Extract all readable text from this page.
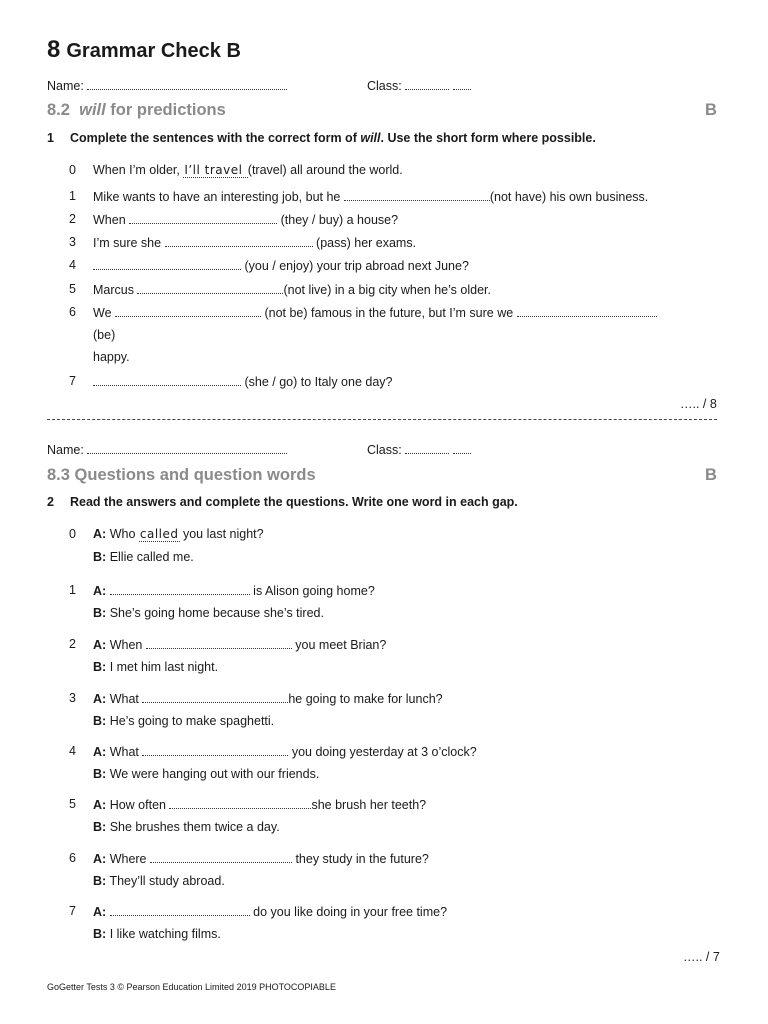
8 Grammar Check B
Name:	Class:
8.2 will for predictions	B
1 Complete the sentences with the correct form of will. Use the short form where possible.
0 When I’m older, I’ll travel (travel) all around the world.
1 Mike wants to have an interesting job, but he	(not have) his own business.
2 When	(they / buy) a house?
3 I’m sure she	(pass) her exams.
4	(you / enjoy) your trip abroad next June?
5 Marcus	(not live) in a big city when he’s older.
6 We	(not be) famous in the future, but I’m sure we
(be)
happy.
7	(she / go) to Italy one day?
….. / 8
Name:	Class:
8.3 Questions and question words	B
2 Read the answers and complete the questions. Write one word in each gap.
0 A: Who called you last night?
B: Ellie called me.
1 A:	is Alison going home?
B: She’s going home because she’s tired.
2 A: When	you meet Brian?
B: I met him last night.
3 A: What	he going to make for lunch?
B: He’s going to make spaghetti.
4 A: What	you doing yesterday at 3 o’clock?
B: We were hanging out with our friends.
5 A: How often	she brush her teeth?
B: She brushes them twice a day.
6 A: Where	they study in the future?
B: They’ll study abroad.
7 A:	do you like doing in your free time?
B: I like watching films.
….. / 7
GoGetter Tests 3 © Pearson Education Limited 2019 PHOTOCOPIABLE
